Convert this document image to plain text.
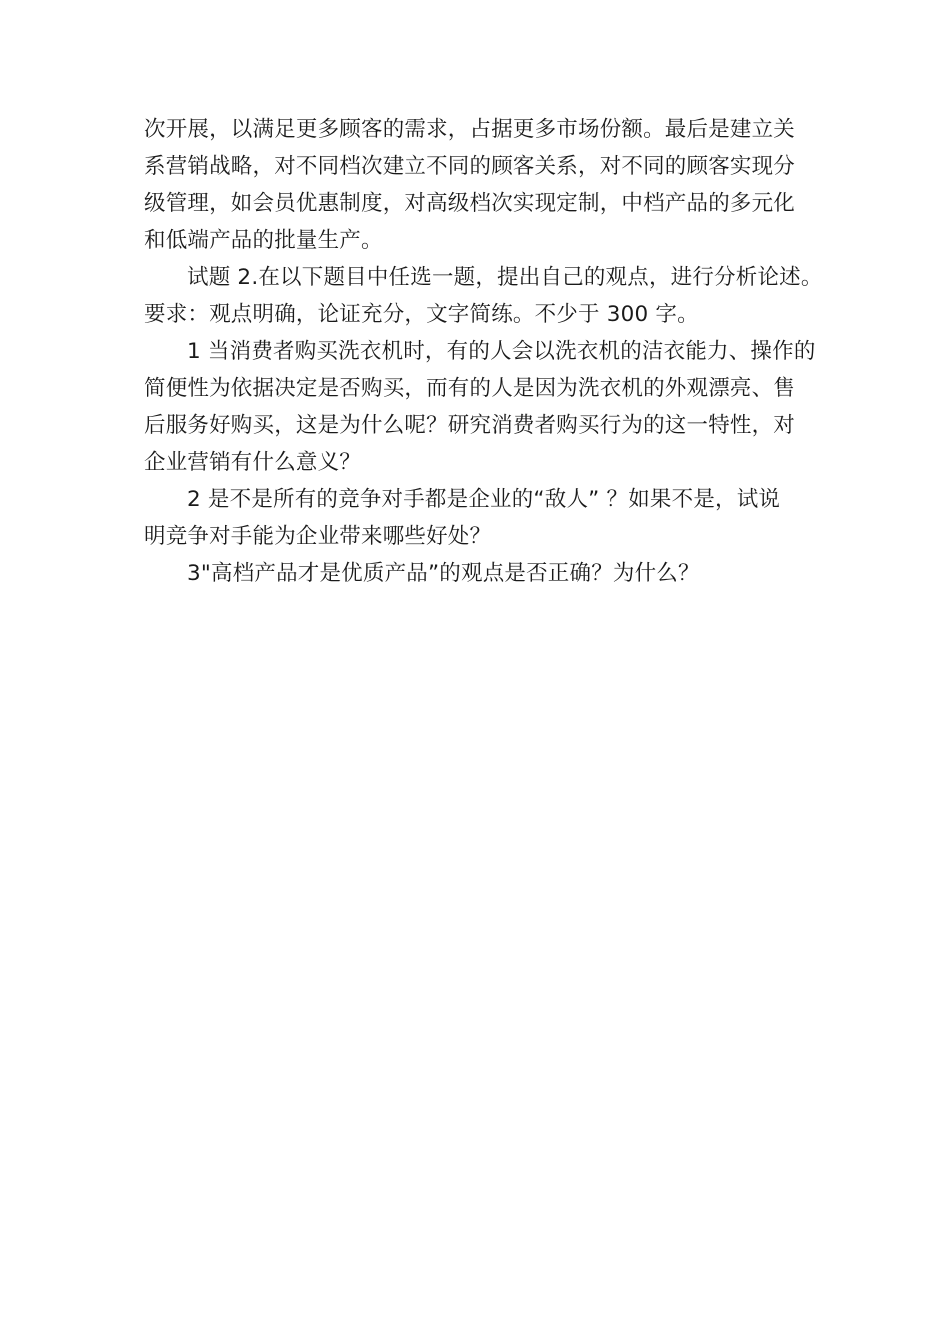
次开展，以满足更多顾客的需求，占据更多市场份额。最后是建立关
系营销战略，对不同档次建立不同的顾客关系，对不同的顾客实现分
级管理，如会员优惠制度，对高级档次实现定制，中档产品的多元化
和低端产品的批量生产。
试题 2.在以下题目中任选一题，提出自己的观点，进行分析论述。
要求：观点明确，论证充分，文字简练。不少于 300 字。
1 当消费者购买洗衣机时，有的人会以洗衣机的洁衣能力、操作的
简便性为依据决定是否购买，而有的人是因为洗衣机的外观漂亮、售
后服务好购买，这是为什么呢？研究消费者购买行为的这一特性，对
企业营销有什么意义？
2 是不是所有的竞争对手都是企业的“敌人” ？如果不是，试说
明竞争对手能为企业带来哪些好处？
3"高档产品才是优质产品”的观点是否正确？为什么？
